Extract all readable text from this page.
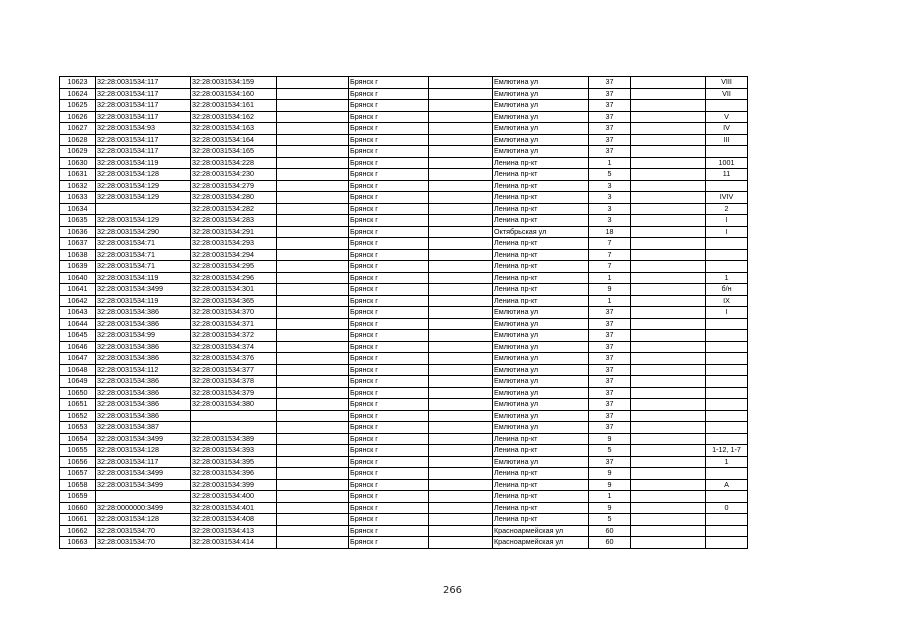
10623	32:28:0031534:117	32:28:0031534:159		Брянск г		Емлютина ул	37		VIII
10624	32:28:0031534:117	32:28:0031534:160		Брянск г		Емлютина ул	37		VII
10625	32:28:0031534:117	32:28:0031534:161		Брянск г		Емлютина ул	37		
10626	32:28:0031534:117	32:28:0031534:162		Брянск г		Емлютина ул	37		V
10627	32:28:0031534:93	32:28:0031534:163		Брянск г		Емлютина ул	37		IV
10628	32:28:0031534:117	32:28:0031534:164		Брянск г		Емлютина ул	37		III
10629	32:28:0031534:117	32:28:0031534:165		Брянск г		Емлютина ул	37		
10630	32:28:0031534:119	32:28:0031534:228		Брянск г		Ленина пр-кт	1		1001
10631	32:28:0031534:128	32:28:0031534:230		Брянск г		Ленина пр-кт	5		11
10632	32:28:0031534:129	32:28:0031534:279		Брянск г		Ленина пр-кт	3		
10633	32:28:0031534:129	32:28:0031534:280		Брянск г		Ленина пр-кт	3		IVIV
10634		32:28:0031534:282		Брянск г		Ленина пр-кт	3		2
10635	32:28:0031534:129	32:28:0031534:283		Брянск г		Ленина пр-кт	3		I
10636	32:28:0031534:290	32:28:0031534:291		Брянск г		Октябрьская ул	18		I
10637	32:28:0031534:71	32:28:0031534:293		Брянск г		Ленина пр-кт	7		
10638	32:28:0031534:71	32:28:0031534:294		Брянск г		Ленина пр-кт	7		
10639	32:28:0031534:71	32:28:0031534:295		Брянск г		Ленина пр-кт	7		
10640	32:28:0031534:119	32:28:0031534:296		Брянск г		Ленина пр-кт	1		1
10641	32:28:0031534:3499	32:28:0031534:301		Брянск г		Ленина пр-кт	9		б/н
10642	32:28:0031534:119	32:28:0031534:365		Брянск г		Ленина пр-кт	1		IX
10643	32:28:0031534:386	32:28:0031534:370		Брянск г		Емлютина ул	37		I
10644	32:28:0031534:386	32:28:0031534:371		Брянск г		Емлютина ул	37		
10645	32:28:0031534:99	32:28:0031534:372		Брянск г		Емлютина ул	37		
10646	32:28:0031534:386	32:28:0031534:374		Брянск г		Емлютина ул	37		
10647	32:28:0031534:386	32:28:0031534:376		Брянск г		Емлютина ул	37		
10648	32:28:0031534:112	32:28:0031534:377		Брянск г		Емлютина ул	37		
10649	32:28:0031534:386	32:28:0031534:378		Брянск г		Емлютина ул	37		
10650	32:28:0031534:386	32:28:0031534:379		Брянск г		Емлютина ул	37		
10651	32:28:0031534:386	32:28:0031534:380		Брянск г		Емлютина ул	37		
10652	32:28:0031534:386			Брянск г		Емлютина ул	37		
10653	32:28:0031534:387			Брянск г		Емлютина ул	37		
10654	32:28:0031534:3499	32:28:0031534:389		Брянск г		Ленина пр-кт	9		
10655	32:28:0031534:128	32:28:0031534:393		Брянск г		Ленина пр-кт	5		1-12, 1-7
10656	32:28:0031534:117	32:28:0031534:395		Брянск г		Емлютина ул	37		1
10657	32:28:0031534:3499	32:28:0031534:396		Брянск г		Ленина пр-кт	9		
10658	32:28:0031534:3499	32:28:0031534:399		Брянск г		Ленина пр-кт	9		А
10659		32:28:0031534:400		Брянск г		Ленина пр-кт	1		
10660	32:28:0000000:3499	32:28:0031534:401		Брянск г		Ленина пр-кт	9		0
10661	32:28:0031534:128	32:28:0031534:408		Брянск г		Ленина пр-кт	5		
10662	32:28:0031534:70	32:28:0031534:413		Брянск г		Красноармейская ул	60		
10663	32:28:0031534:70	32:28:0031534:414		Брянск г		Красноармейская ул	60		
266
